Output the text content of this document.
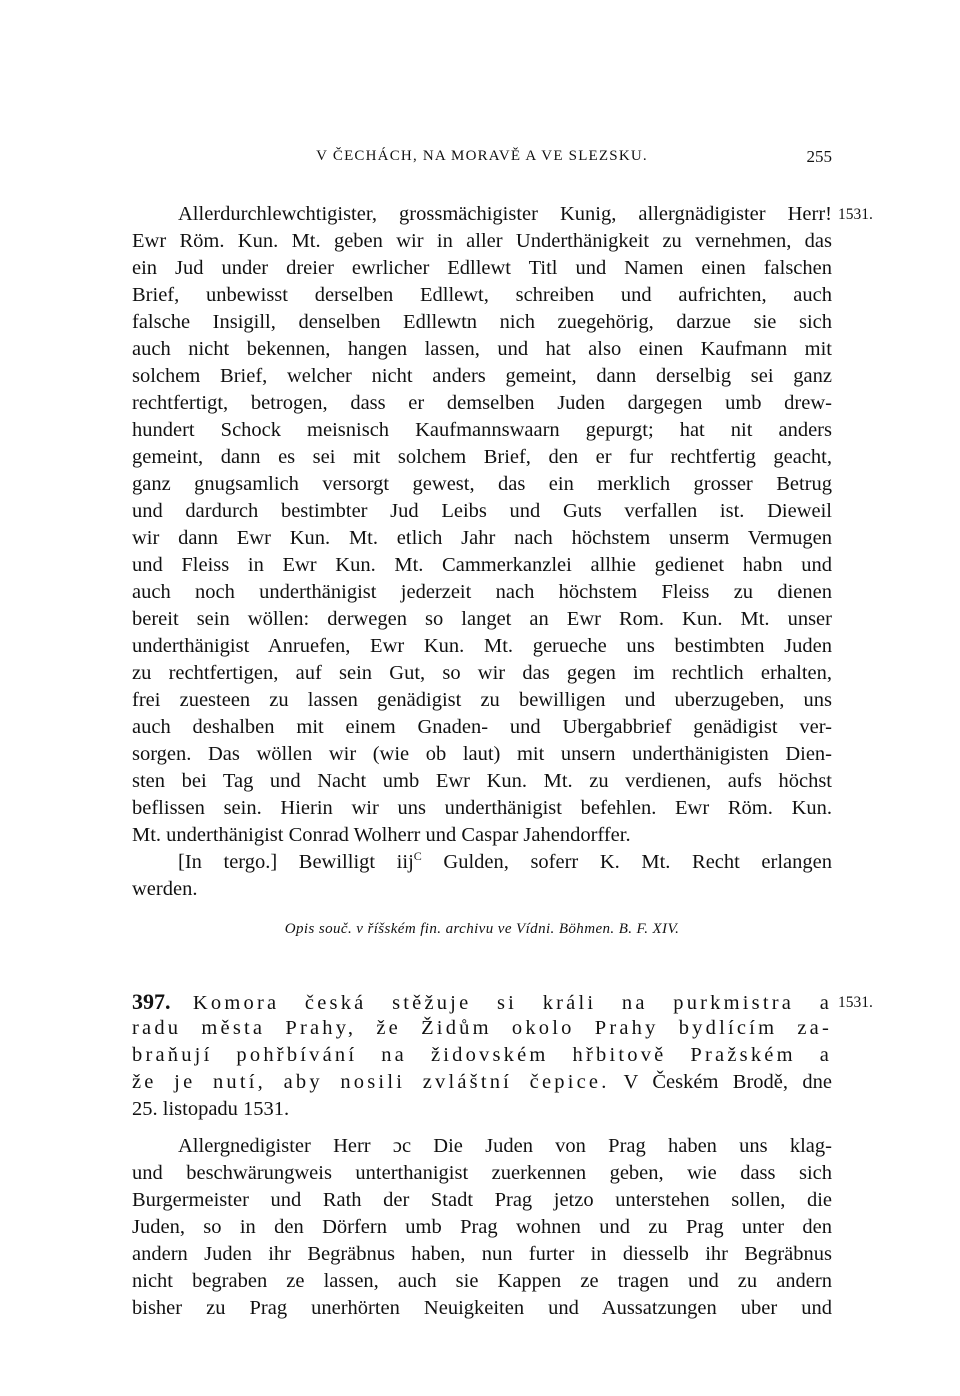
V ČECHÁCH, NA MORAVĚ A VE SLEZSKU.	255
1531.
Allerdurchlewchtigister, grossmächigister Kunig, allergnädigister Herr!
Ewr Röm. Kun. Mt. geben wir in aller Underthänigkeit zu vernehmen, das
ein Jud under dreier ewrlicher Edllewt Titl und Namen einen falschen
Brief, unbewisst derselben Edllewt, schreiben und aufrichten, auch
falsche Insigill, denselben Edllewtn nich zuegehörig, darzue sie sich
auch nicht bekennen, hangen lassen, und hat also einen Kaufmann mit
solchem Brief, welcher nicht anders gemeint, dann derselbig sei ganz
rechtfertigt, betrogen, dass er demselben Juden dargegen umb drew-
hundert Schock meisnisch Kaufmannswaarn gepurgt; hat nit anders
gemeint, dann es sei mit solchem Brief, den er fur rechtfertig geacht,
ganz gnugsamlich versorgt gewest, das ein merklich grosser Betrug
und dardurch bestimbter Jud Leibs und Guts verfallen ist. Dieweil
wir dann Ewr Kun. Mt. etlich Jahr nach höchstem unserm Vermugen
und Fleiss in Ewr Kun. Mt. Cammerkanzlei allhie gedienet habn und
auch noch underthänigist jederzeit nach höchstem Fleiss zu dienen
bereit sein wöllen: derwegen so langet an Ewr Rom. Kun. Mt. unser
underthänigist Anruefen, Ewr Kun. Mt. gerueche uns bestimbten Juden
zu rechtfertigen, auf sein Gut, so wir das gegen im rechtlich erhalten,
frei zuesteen zu lassen genädigist zu bewilligen und uberzugeben, uns
auch deshalben mit einem Gnaden- und Ubergabbrief genädigist ver-
sorgen. Das wöllen wir (wie ob laut) mit unsern underthänigisten Dien-
sten bei Tag und Nacht umb Ewr Kun. Mt. zu verdienen, aufs höchst
beflissen sein. Hierin wir uns underthänigist befehlen. Ewr Röm. Kun.
Mt. underthänigist Conrad Wolherr und Caspar Jahendorffer.
[In tergo.] Bewilligt iij$^C$ Gulden, soferr K. Mt. Recht erlangen
werden.
Opis souč. v říšském fin. archivu ve Vídni. Böhmen. B. F. XIV.
1531.
397. Komora česká stěžuje si králi na purkmistra a
radu města Prahy, že Židům okolo Prahy bydlícím za-
braňují pohřbívání na židovském hřbitově Pražském a
že je nutí, aby nosili zvláštní čepice. V Českém Brodě, dne
25. listopadu 1531.
Allergnedigister Herr ɔc Die Juden von Prag haben uns klag-
und beschwärungweis unterthanigist zuerkennen geben, wie dass sich
Burgermeister und Rath der Stadt Prag jetzo unterstehen sollen, die
Juden, so in den Dörfern umb Prag wohnen und zu Prag unter den
andern Juden ihr Begräbnus haben, nun furter in diesselb ihr Begräbnus
nicht begraben ze lassen, auch sie Kappen ze tragen und zu andern
bisher zu Prag unerhörten Neuigkeiten und Aussatzungen uber und
